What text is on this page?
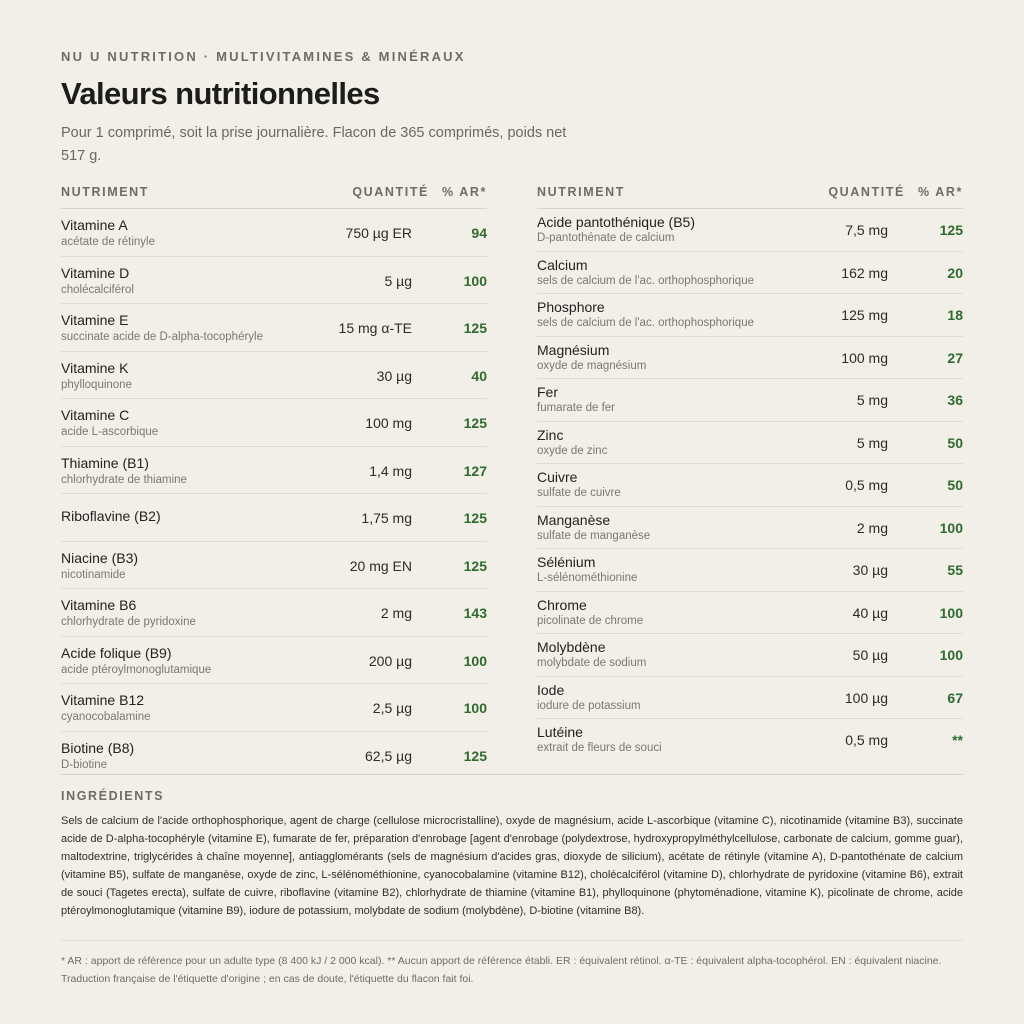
NU U NUTRITION · MULTIVITAMINES & MINÉRAUX
Valeurs nutritionnelles
Pour 1 comprimé, soit la prise journalière. Flacon de 365 comprimés, poids net 517 g.
NUTRIMENT	QUANTITÉ % AR*
Vitamine A
acétate de rétinyle
750 µg ER	94
Vitamine D
cholécalciférol
5 µg	100
Vitamine E
succinate acide de D-alpha-tocophéryle
15 mg α-TE	125
Vitamine K
phylloquinone
30 µg	40
Vitamine C
acide L-ascorbique
100 mg	125
Thiamine (B1)
chlorhydrate de thiamine
1,4 mg	127
Riboflavine (B2)	1,75 mg	125
Niacine (B3)
nicotinamide
20 mg EN	125
Vitamine B6
chlorhydrate de pyridoxine
2 mg	143
Acide folique (B9)
acide ptéroylmonoglutamique
200 µg	100
Vitamine B12
cyanocobalamine
2,5 µg	100
Biotine (B8)
D-biotine
62,5 µg	125
NUTRIMENT	QUANTITÉ % AR*
Acide pantothénique (B5)
D-pantothénate de calcium	7,5 mg	125
Calcium
sels de calcium de l'ac. orthophosphorique	162 mg	20
Phosphore
sels de calcium de l'ac. orthophosphorique	125 mg	18
Magnésium
oxyde de magnésium	100 mg	27
Fer
fumarate de fer	5 mg	36
Zinc
oxyde de zinc	5 mg	50
Cuivre
sulfate de cuivre	0,5 mg	50
Manganèse
sulfate de manganèse	2 mg	100
Sélénium
L-sélénométhionine	30 µg	55
Chrome
picolinate de chrome	40 µg	100
Molybdène
molybdate de sodium	50 µg	100
Iode
iodure de potassium	100 µg	67
Lutéine
extrait de fleurs de souci	0,5 mg	**
INGRÉDIENTS
Sels de calcium de l'acide orthophosphorique, agent de charge (cellulose microcristalline), oxyde de magnésium, acide L-ascorbique (vitamine C), nicotinamide (vitamine B3), succinate acide de D-alpha-tocophéryle (vitamine E), fumarate de fer, préparation d'enrobage [agent d'enrobage (polydextrose, hydroxypropylméthylcellulose, carbonate de calcium, gomme guar), maltodextrine, triglycérides à chaîne moyenne], antiagglomérants (sels de magnésium d'acides gras, dioxyde de silicium), acétate de rétinyle (vitamine A), D-pantothénate de calcium (vitamine B5), sulfate de manganèse, oxyde de zinc, L-sélénométhionine, cyanocobalamine (vitamine B12), cholécalciférol (vitamine D), chlorhydrate de pyridoxine (vitamine B6), extrait de souci (Tagetes erecta), sulfate de cuivre, riboflavine (vitamine B2), chlorhydrate de thiamine (vitamine B1), phylloquinone (phytoménadione, vitamine K), picolinate de chrome, acide ptéroylmonoglutamique (vitamine B9), iodure de potassium, molybdate de sodium (molybdène), D-biotine (vitamine B8).
* AR : apport de référence pour un adulte type (8 400 kJ / 2 000 kcal). ** Aucun apport de référence établi. ER : équivalent rétinol. α-TE : équivalent alpha-tocophérol. EN : équivalent niacine. Traduction française de l'étiquette d'origine ; en cas de doute, l'étiquette du flacon fait foi.
